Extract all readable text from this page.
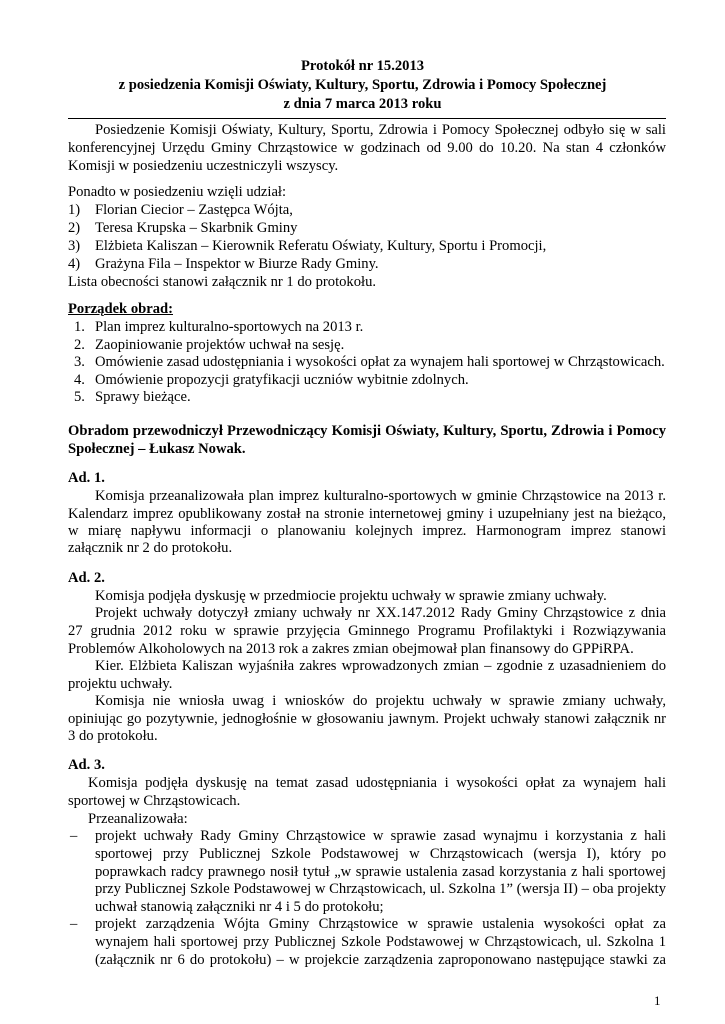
Protokół nr 15.2013
z posiedzenia Komisji Oświaty, Kultury, Sportu, Zdrowia i Pomocy Społecznej
z dnia 7 marca 2013 roku
Posiedzenie Komisji Oświaty, Kultury, Sportu, Zdrowia i Pomocy Społecznej odbyło się w sali
konferencyjnej Urzędu Gminy Chrząstowice w godzinach od 9.00 do 10.20. Na stan 4 członków
Komisji w posiedzeniu uczestniczyli wszyscy.
Ponadto w posiedzeniu wzięli udział:
1) Florian Ciecior – Zastępca Wójta,
2) Teresa Krupska – Skarbnik Gminy
3) Elżbieta Kaliszan – Kierownik Referatu Oświaty, Kultury, Sportu i Promocji,
4) Grażyna Fila – Inspektor w Biurze Rady Gminy.
Lista obecności stanowi załącznik nr 1 do protokołu.
Porządek obrad:
1. Plan imprez kulturalno-sportowych na 2013 r.
2. Zaopiniowanie projektów uchwał na sesję.
3. Omówienie zasad udostępniania i wysokości opłat za wynajem hali sportowej w Chrząstowicach.
4. Omówienie propozycji gratyfikacji uczniów wybitnie zdolnych.
5. Sprawy bieżące.
Obradom przewodniczył Przewodniczący Komisji Oświaty, Kultury, Sportu, Zdrowia i Pomocy
Społecznej – Łukasz Nowak.
Ad. 1.
Komisja przeanalizowała plan imprez kulturalno-sportowych w gminie Chrząstowice na 2013 r.
Kalendarz imprez opublikowany został na stronie internetowej gminy i uzupełniany jest na bieżąco,
w miarę napływu informacji o planowaniu kolejnych imprez. Harmonogram imprez stanowi
załącznik nr 2 do protokołu.
Ad. 2.
Komisja podjęła dyskusję w przedmiocie projektu uchwały w sprawie zmiany uchwały.
Projekt uchwały dotyczył zmiany uchwały nr XX.147.2012 Rady Gminy Chrząstowice z dnia
27 grudnia 2012 roku w sprawie przyjęcia Gminnego Programu Profilaktyki i Rozwiązywania
Problemów Alkoholowych na 2013 rok a zakres zmian obejmował plan finansowy do GPPiRPA.
Kier. Elżbieta Kaliszan wyjaśniła zakres wprowadzonych zmian – zgodnie z uzasadnieniem do
projektu uchwały.
Komisja nie wniosła uwag i wniosków do projektu uchwały w sprawie zmiany uchwały,
opiniując go pozytywnie, jednogłośnie w głosowaniu jawnym. Projekt uchwały stanowi załącznik nr
3 do protokołu.
Ad. 3.
Komisja podjęła dyskusję na temat zasad udostępniania i wysokości opłat za wynajem hali
sportowej w Chrząstowicach.
Przeanalizowała:
– projekt uchwały Rady Gminy Chrząstowice w sprawie zasad wynajmu i korzystania z hali
sportowej przy Publicznej Szkole Podstawowej w Chrząstowicach (wersja I), który po
poprawkach radcy prawnego nosił tytuł „w sprawie ustalenia zasad korzystania z hali sportowej
przy Publicznej Szkole Podstawowej w Chrząstowicach, ul. Szkolna 1” (wersja II) – oba projekty
uchwał stanowią załączniki nr 4 i 5 do protokołu;
– projekt zarządzenia Wójta Gminy Chrząstowice w sprawie ustalenia wysokości opłat za
wynajem hali sportowej przy Publicznej Szkole Podstawowej w Chrząstowicach, ul. Szkolna 1
(załącznik nr 6 do protokołu) – w projekcie zarządzenia zaproponowano następujące stawki za
1
